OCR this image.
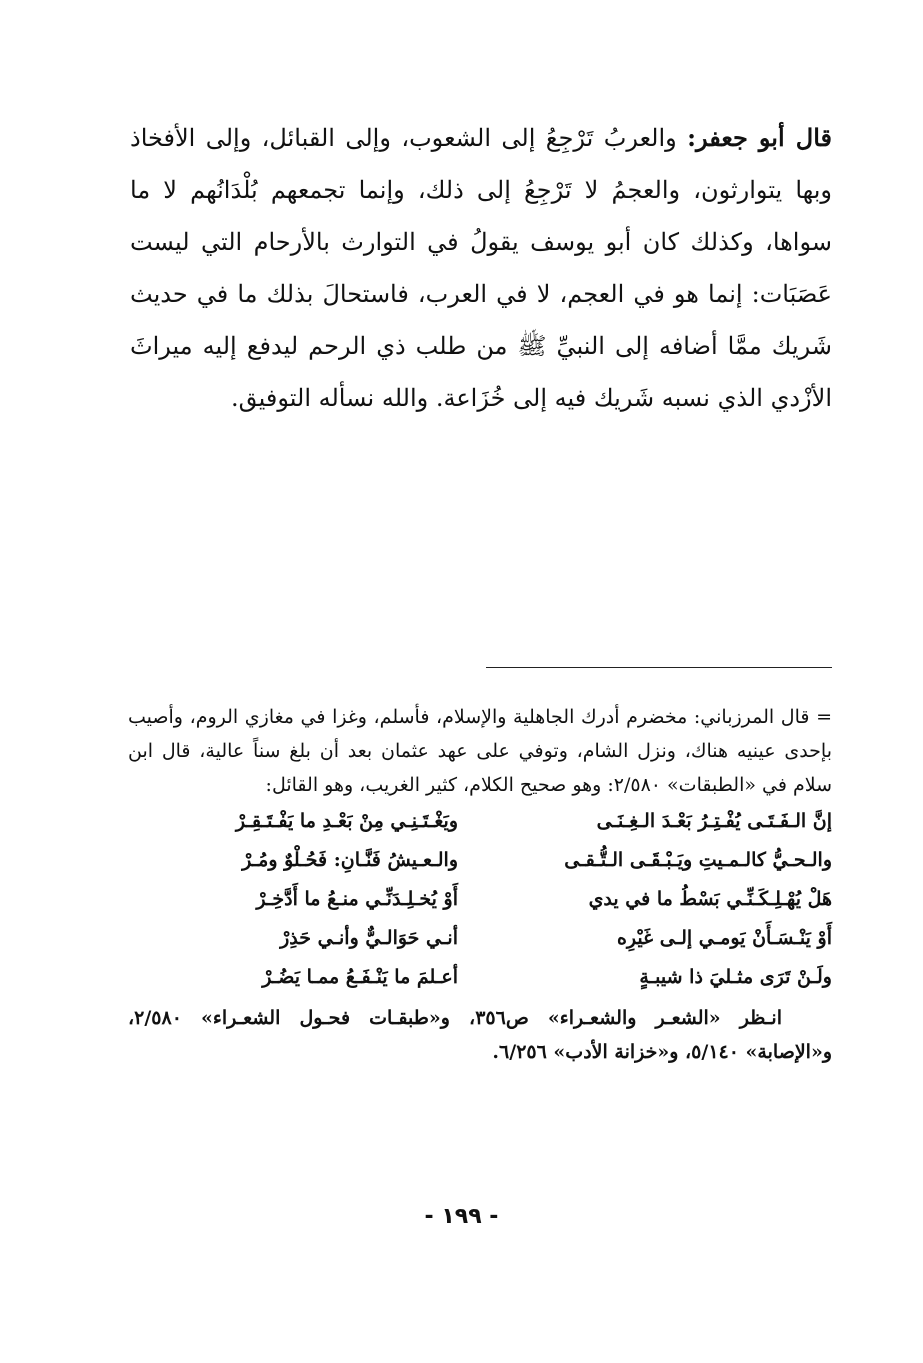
قال أبو جعفر: والعربُ تَرْجِعُ إلى الشعوب، وإلى القبائل، وإلى الأفخاذ وبها يتوارثون، والعجمُ لا تَرْجِعُ إلى ذلك، وإنما تجمعهم بُلْدَانُهم لا ما سواها، وكذلك كان أبو يوسف يقولُ في التوارث بالأرحام التي ليست عَصَبَات: إنما هو في العجم، لا في العرب، فاستحالَ بذلك ما في حديث شَريك ممَّا أضافه إلى النبيِّ ﷺ من طلب ذي الرحم ليدفع إليه ميراثَ الأزْدي الذي نسبه شَريك فيه إلى خُزَاعة. والله نسأله التوفيق.

= قال المرزباني: مخضرم أدرك الجاهلية والإسلام، فأسلم، وغزا في مغازي الروم، وأصيب بإحدى عينيه هناك، ونزل الشام، وتوفي على عهد عثمان بعد أن بلغ سناً عالية، قال ابن سلام في «الطبقات» ٢/٥٨٠: وهو صحيح الكلام، كثير الغريب، وهو القائل:

إنَّ الـفَـتَـى يُفْـتِـرُ بَعْـدَ الـغِـنَـى
ويَغْـتَـنِـي مِنْ بَعْـدِ ما يَفْـتَـقِـرْ
والـحـيُّ كالـمـيتِ ويَـبْـقَـى الـتُّـقـى
والـعـيشُ فَنَّـانِ: فَحُـلْوٌ ومُـرْ
هَلْ يُهْـلِـكَـنِّـي بَسْطُ ما في يدي
أَوْ يُخـلِـدَنِّـي منـعُ ما أَدَّخِـرْ
أَوْ يَنْـسَـأَنْ يَومـي إلـى غَيْرِه
أنـي حَوَالـيٌّ وأنـي حَذِرْ
ولَـنْ تَرَى مثـليَ ذا شيبـةٍ
أعـلمَ ما يَنْـفَـعُ ممـا يَضُـرْ

انـظر «الشعـر والشعـراء» ص٣٥٦، و«طبقـات فحـول الشعـراء» ٢/٥٨٠، و«الإصابة» ٥/١٤٠، و«خزانة الأدب» ٦/٢٥٦.

- ١٩٩ -
